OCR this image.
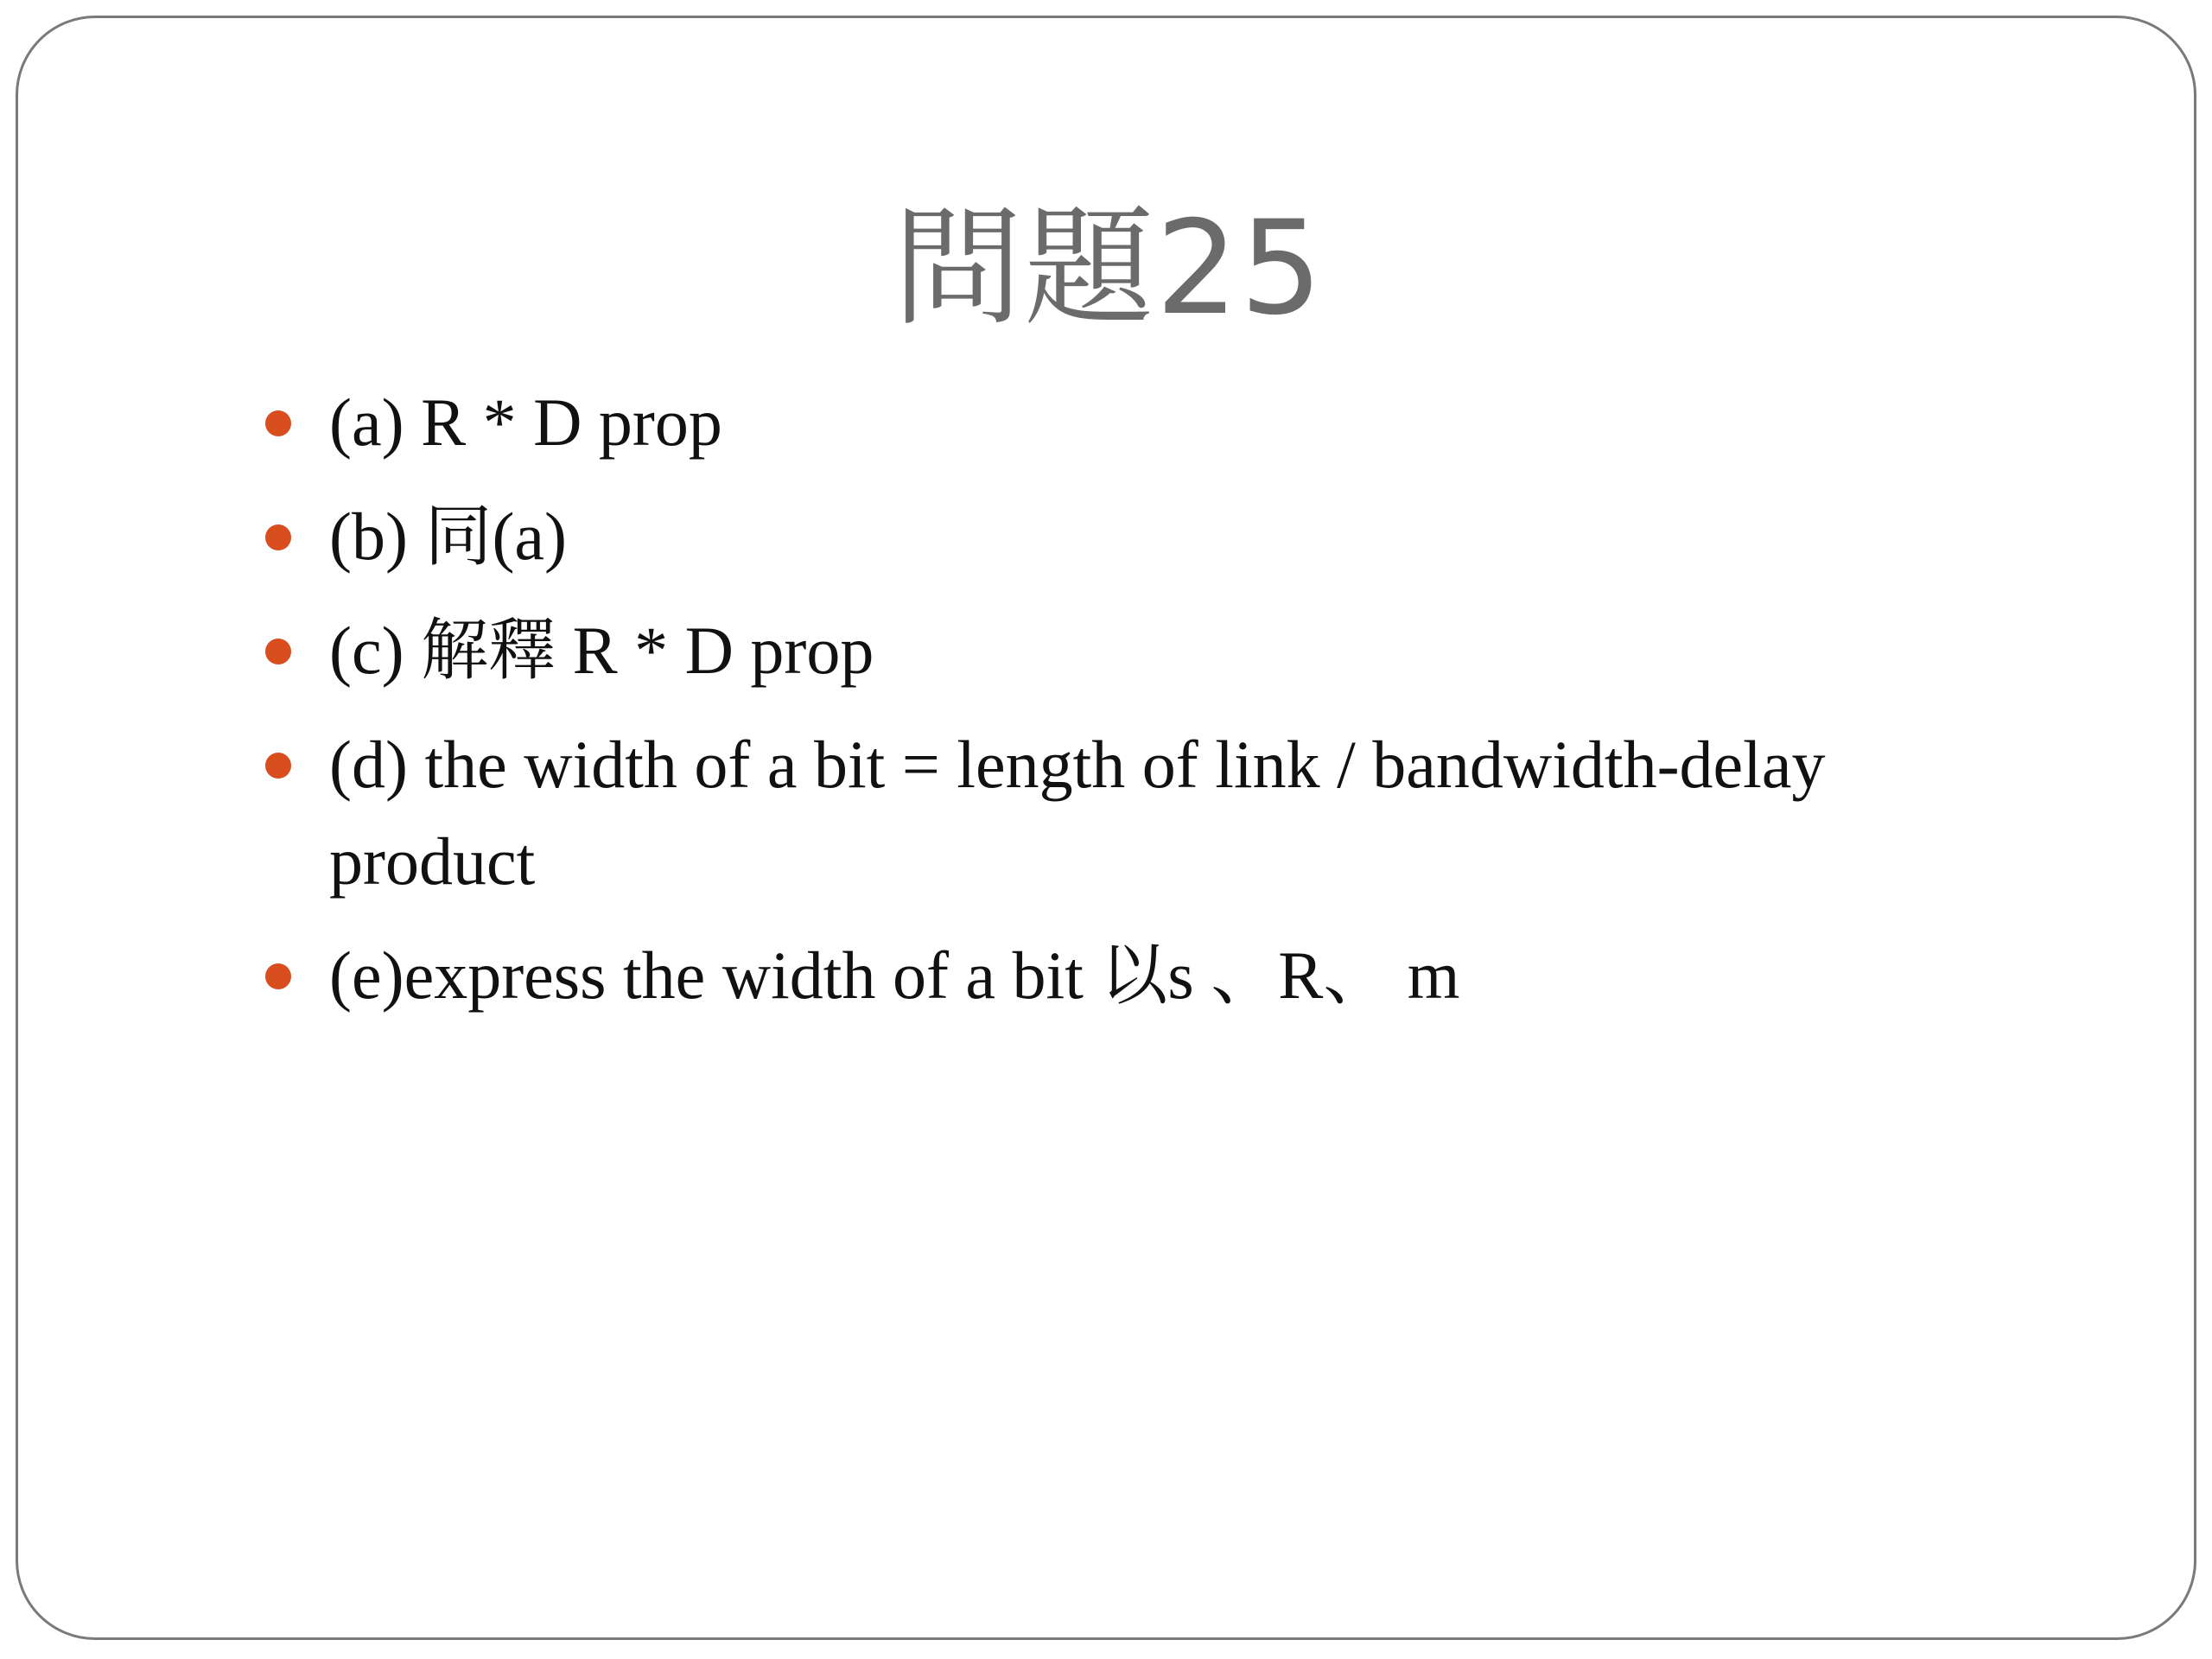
問題25
(a) R * D prop
(b) 同(a)
(c) 解釋 R * D prop
(d) the width of a bit = length of link / bandwidth-delay product
(e)express the width of a bit 以s 、R、 m
